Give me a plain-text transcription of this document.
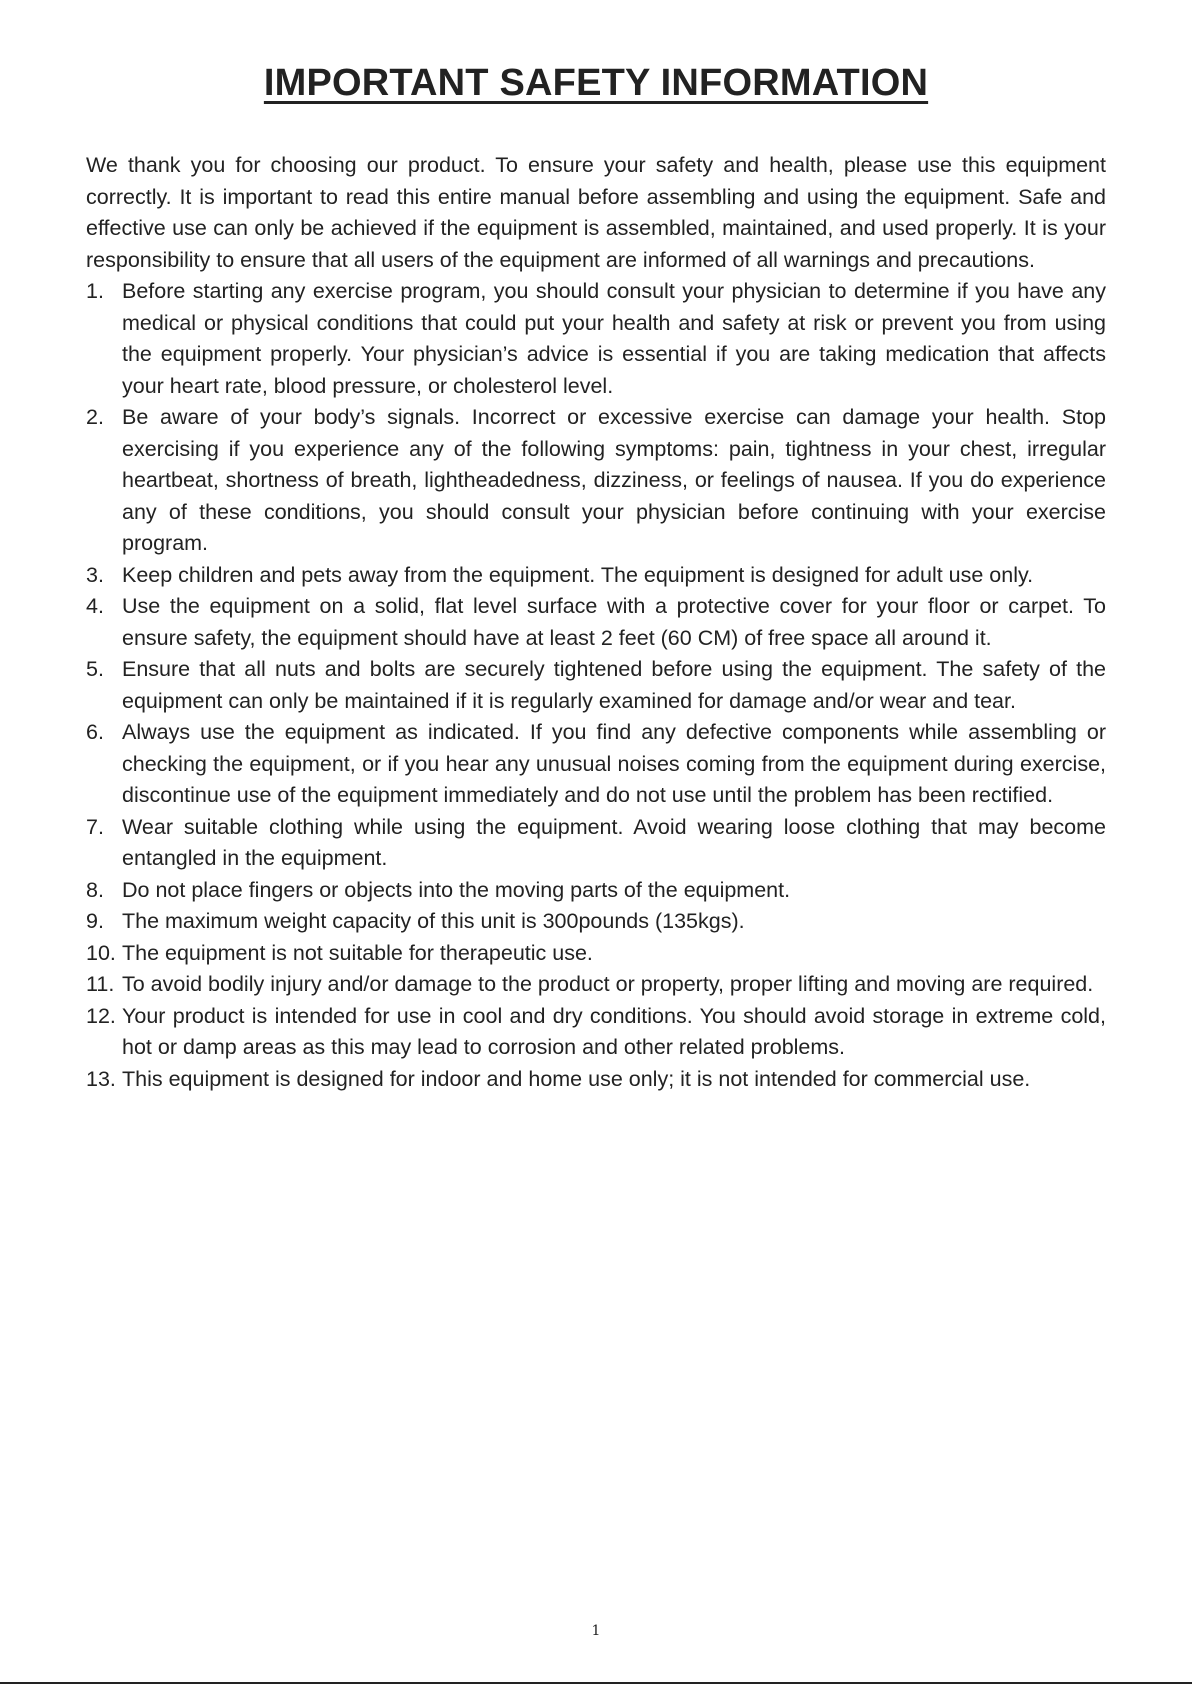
IMPORTANT SAFETY INFORMATION

We thank you for choosing our product. To ensure your safety and health, please use this equipment correctly. It is important to read this entire manual before assembling and using the equipment. Safe and effective use can only be achieved if the equipment is assembled, maintained, and used properly. It is your responsibility to ensure that all users of the equipment are informed of all warnings and precautions.

1. Before starting any exercise program, you should consult your physician to determine if you have any medical or physical conditions that could put your health and safety at risk or prevent you from using the equipment properly. Your physician’s advice is essential if you are taking medication that affects your heart rate, blood pressure, or cholesterol level.
2. Be aware of your body’s signals. Incorrect or excessive exercise can damage your health. Stop exercising if you experience any of the following symptoms: pain, tightness in your chest, irregular heartbeat, shortness of breath, lightheadedness, dizziness, or feelings of nausea. If you do experience any of these conditions, you should consult your physician before continuing with your exercise program.
3. Keep children and pets away from the equipment. The equipment is designed for adult use only.
4. Use the equipment on a solid, flat level surface with a protective cover for your floor or carpet. To ensure safety, the equipment should have at least 2 feet (60 CM) of free space all around it.
5. Ensure that all nuts and bolts are securely tightened before using the equipment. The safety of the equipment can only be maintained if it is regularly examined for damage and/or wear and tear.
6. Always use the equipment as indicated. If you find any defective components while assembling or checking the equipment, or if you hear any unusual noises coming from the equipment during exercise, discontinue use of the equipment immediately and do not use until the problem has been rectified.
7. Wear suitable clothing while using the equipment. Avoid wearing loose clothing that may become entangled in the equipment.
8. Do not place fingers or objects into the moving parts of the equipment.
9. The maximum weight capacity of this unit is 300pounds (135kgs).
10. The equipment is not suitable for therapeutic use.
11. To avoid bodily injury and/or damage to the product or property, proper lifting and moving are required.
12. Your product is intended for use in cool and dry conditions. You should avoid storage in extreme cold, hot or damp areas as this may lead to corrosion and other related problems.
13. This equipment is designed for indoor and home use only; it is not intended for commercial use.
1
